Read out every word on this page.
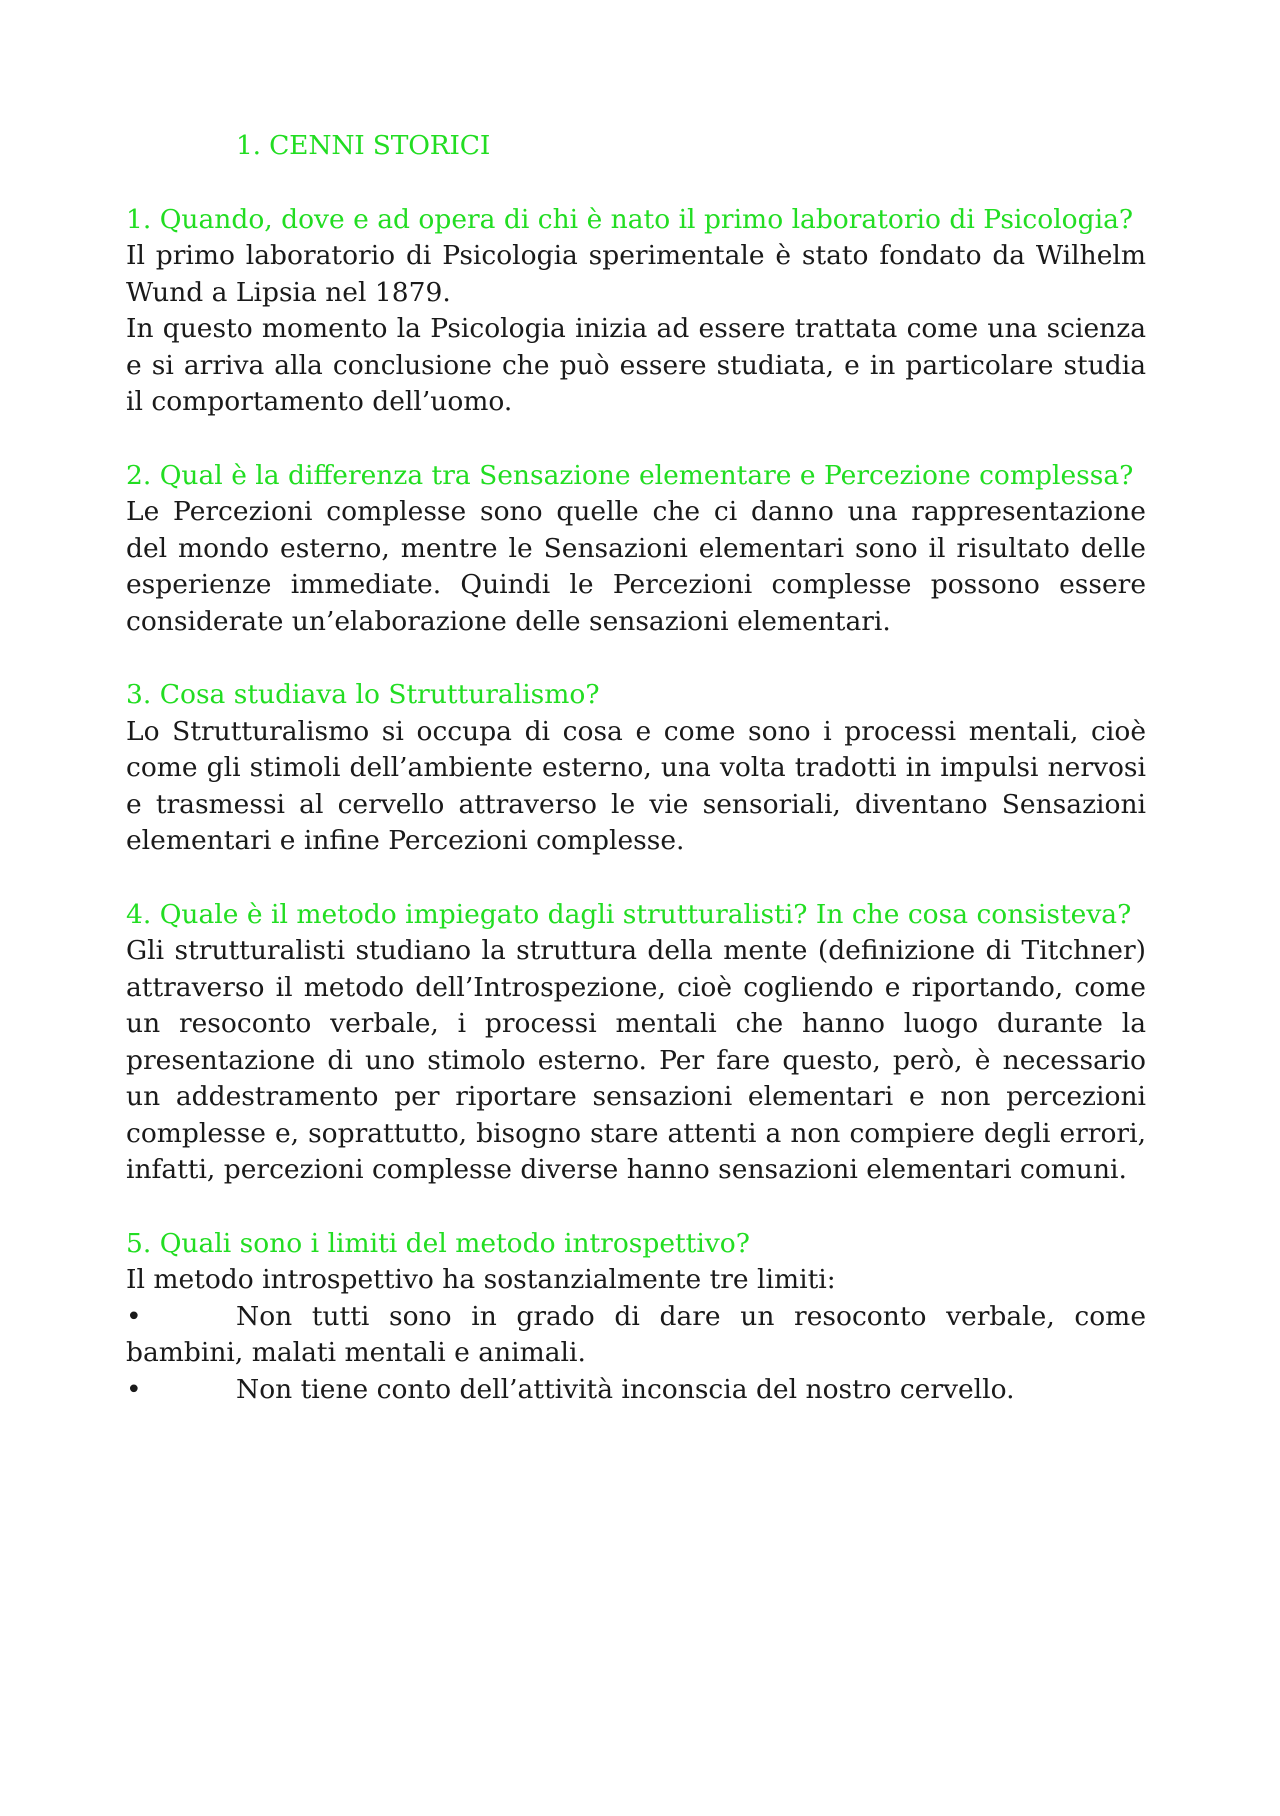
1. CENNI STORICI

1. Quando, dove e ad opera di chi è nato il primo laboratorio di Psicologia?

Il primo laboratorio di Psicologia sperimentale è stato fondato da Wilhelm Wund a Lipsia nel 1879.

In questo momento la Psicologia inizia ad essere trattata come una scienza e si arriva alla conclusione che può essere studiata, e in particolare studia il comportamento dell’uomo.

2. Qual è la differenza tra Sensazione elementare e Percezione complessa?

Le Percezioni complesse sono quelle che ci danno una rappresentazione del mondo esterno, mentre le Sensazioni elementari sono il risultato delle esperienze immediate. Quindi le Percezioni complesse possono essere considerate un’elaborazione delle sensazioni elementari.

3. Cosa studiava lo Strutturalismo?

Lo Strutturalismo si occupa di cosa e come sono i processi mentali, cioè come gli stimoli dell’ambiente esterno, una volta tradotti in impulsi nervosi e trasmessi al cervello attraverso le vie sensoriali, diventano Sensazioni elementari e infine Percezioni complesse.

4. Quale è il metodo impiegato dagli strutturalisti? In che cosa consisteva?

Gli strutturalisti studiano la struttura della mente (definizione di Titchner) attraverso il metodo dell’Introspezione, cioè cogliendo e riportando, come un resoconto verbale, i processi mentali che hanno luogo durante la presentazione di uno stimolo esterno. Per fare questo, però, è necessario un addestramento per riportare sensazioni elementari e non percezioni complesse e, soprattutto, bisogno stare attenti a non compiere degli errori, infatti, percezioni complesse diverse hanno sensazioni elementari comuni.

5. Quali sono i limiti del metodo introspettivo?

Il metodo introspettivo ha sostanzialmente tre limiti:

•	Non tutti sono in grado di dare un resoconto verbale, come bambini, malati mentali e animali.

•	Non tiene conto dell’attività inconscia del nostro cervello.
